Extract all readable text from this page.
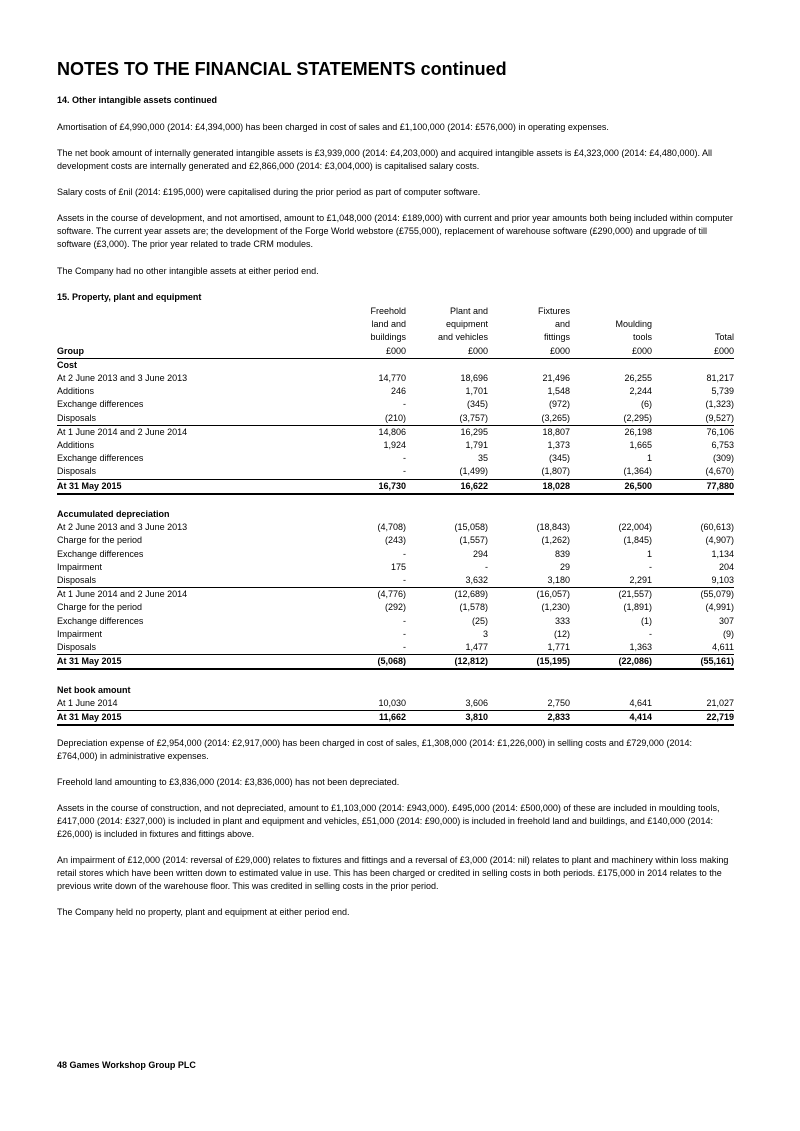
NOTES TO THE FINANCIAL STATEMENTS continued
14. Other intangible assets continued

Amortisation of £4,990,000 (2014: £4,394,000) has been charged in cost of sales and £1,100,000 (2014: £576,000) in operating expenses.

The net book amount of internally generated intangible assets is £3,939,000 (2014: £4,203,000) and acquired intangible assets is £4,323,000 (2014: £4,480,000). All development costs are internally generated and £2,866,000 (2014: £3,004,000) is capitalised salary costs.

Salary costs of £nil (2014: £195,000) were capitalised during the prior period as part of computer software.

Assets in the course of development, and not amortised, amount to £1,048,000 (2014: £189,000) with current and prior year amounts both being included within computer software. The current year assets are; the development of the Forge World webstore (£755,000), replacement of warehouse software (£290,000) and upgrade of till software (£3,000). The prior year related to trade CRM modules.

The Company had no other intangible assets at either period end.

15. Property, plant and equipment
	Freehold	Plant and	Fixtures		
	land and	equipment	and	Moulding	
	buildings	and vehicles	fittings	tools	Total
Group	£000	£000	£000	£000	£000
Cost					
At 2 June 2013 and 3 June 2013	14,770	18,696	21,496	26,255	81,217
Additions	246	1,701	1,548	2,244	5,739
Exchange differences	-	(345)	(972)	(6)	(1,323)
Disposals	(210)	(3,757)	(3,265)	(2,295)	(9,527)
At 1 June 2014 and 2 June 2014	14,806	16,295	18,807	26,198	76,106
Additions	1,924	1,791	1,373	1,665	6,753
Exchange differences	-	35	(345)	1	(309)
Disposals	-	(1,499)	(1,807)	(1,364)	(4,670)
At 31 May 2015	16,730	16,622	18,028	26,500	77,880

Accumulated depreciation					
At 2 June 2013 and 3 June 2013	(4,708)	(15,058)	(18,843)	(22,004)	(60,613)
Charge for the period	(243)	(1,557)	(1,262)	(1,845)	(4,907)
Exchange differences	-	294	839	1	1,134
Impairment	175	-	29	-	204
Disposals	-	3,632	3,180	2,291	9,103
At 1 June 2014 and 2 June 2014	(4,776)	(12,689)	(16,057)	(21,557)	(55,079)
Charge for the period	(292)	(1,578)	(1,230)	(1,891)	(4,991)
Exchange differences	-	(25)	333	(1)	307
Impairment	-	3	(12)	-	(9)
Disposals	-	1,477	1,771	1,363	4,611
At 31 May 2015	(5,068)	(12,812)	(15,195)	(22,086)	(55,161)

Net book amount					
At 1 June 2014	10,030	3,606	2,750	4,641	21,027
At 31 May 2015	11,662	3,810	2,833	4,414	22,719

Depreciation expense of £2,954,000 (2014: £2,917,000) has been charged in cost of sales, £1,308,000 (2014: £1,226,000) in selling costs and £729,000 (2014: £764,000) in administrative expenses.

Freehold land amounting to £3,836,000 (2014: £3,836,000) has not been depreciated.

Assets in the course of construction, and not depreciated, amount to £1,103,000 (2014: £943,000). £495,000 (2014: £500,000) of these are included in moulding tools, £417,000 (2014: £327,000) is included in plant and equipment and vehicles, £51,000 (2014: £90,000) is included in freehold land and buildings, and £140,000 (2014: £26,000) is included in fixtures and fittings above.

An impairment of £12,000 (2014: reversal of £29,000) relates to fixtures and fittings and a reversal of £3,000 (2014: nil) relates to plant and machinery within loss making retail stores which have been written down to estimated value in use. This has been charged or credited in selling costs in both periods. £175,000 in 2014 relates to the previous write down of the warehouse floor. This was credited in selling costs in the prior period.

The Company held no property, plant and equipment at either period end.

48 Games Workshop Group PLC
